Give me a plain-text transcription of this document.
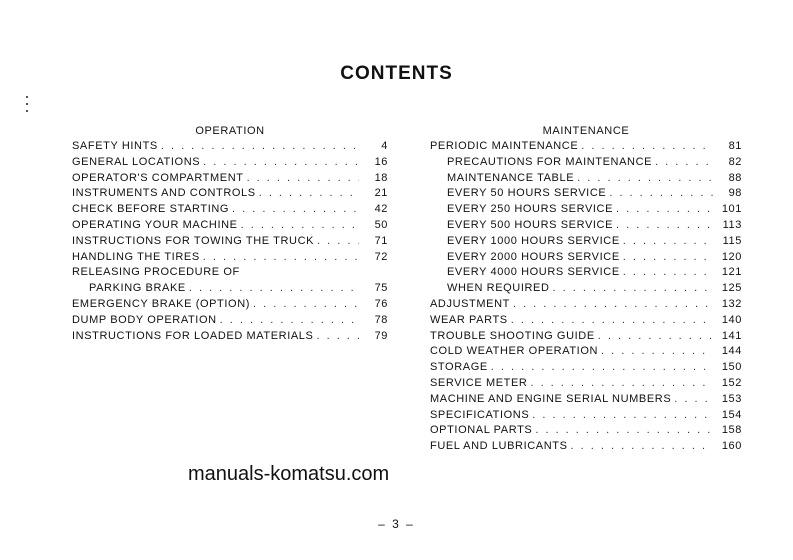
CONTENTS
OPERATION
SAFETY HINTS . . .	4
GENERAL LOCATIONS . . .	16
OPERATOR'S COMPARTMENT . . .	18
INSTRUMENTS AND CONTROLS . . .	21
CHECK BEFORE STARTING . . .	42
OPERATING YOUR MACHINE . . .	50
INSTRUCTIONS FOR TOWING THE TRUCK . . .	71
HANDLING THE TIRES . . .	72
RELEASING PROCEDURE OF
PARKING BRAKE . . .	75
EMERGENCY BRAKE (OPTION) . . .	76
DUMP BODY OPERATION . . .	78
INSTRUCTIONS FOR LOADED MATERIALS . . .	79
MAINTENANCE
PERIODIC MAINTENANCE . . .	81
PRECAUTIONS FOR MAINTENANCE . . .	82
MAINTENANCE TABLE . . .	88
EVERY 50 HOURS SERVICE . . .	98
EVERY 250 HOURS SERVICE . . .	101
EVERY 500 HOURS SERVICE . . .	113
EVERY 1000 HOURS SERVICE . . .	115
EVERY 2000 HOURS SERVICE . . .	120
EVERY 4000 HOURS SERVICE . . .	121
WHEN REQUIRED . . .	125
ADJUSTMENT . . .	132
WEAR PARTS . . .	140
TROUBLE SHOOTING GUIDE . . .	141
COLD WEATHER OPERATION . . .	144
STORAGE . . .	150
SERVICE METER . . .	152
MACHINE AND ENGINE SERIAL NUMBERS . . .	153
SPECIFICATIONS . . .	154
OPTIONAL PARTS . . .	158
FUEL AND LUBRICANTS . . .	160
manuals-komatsu.com
– 3 –
